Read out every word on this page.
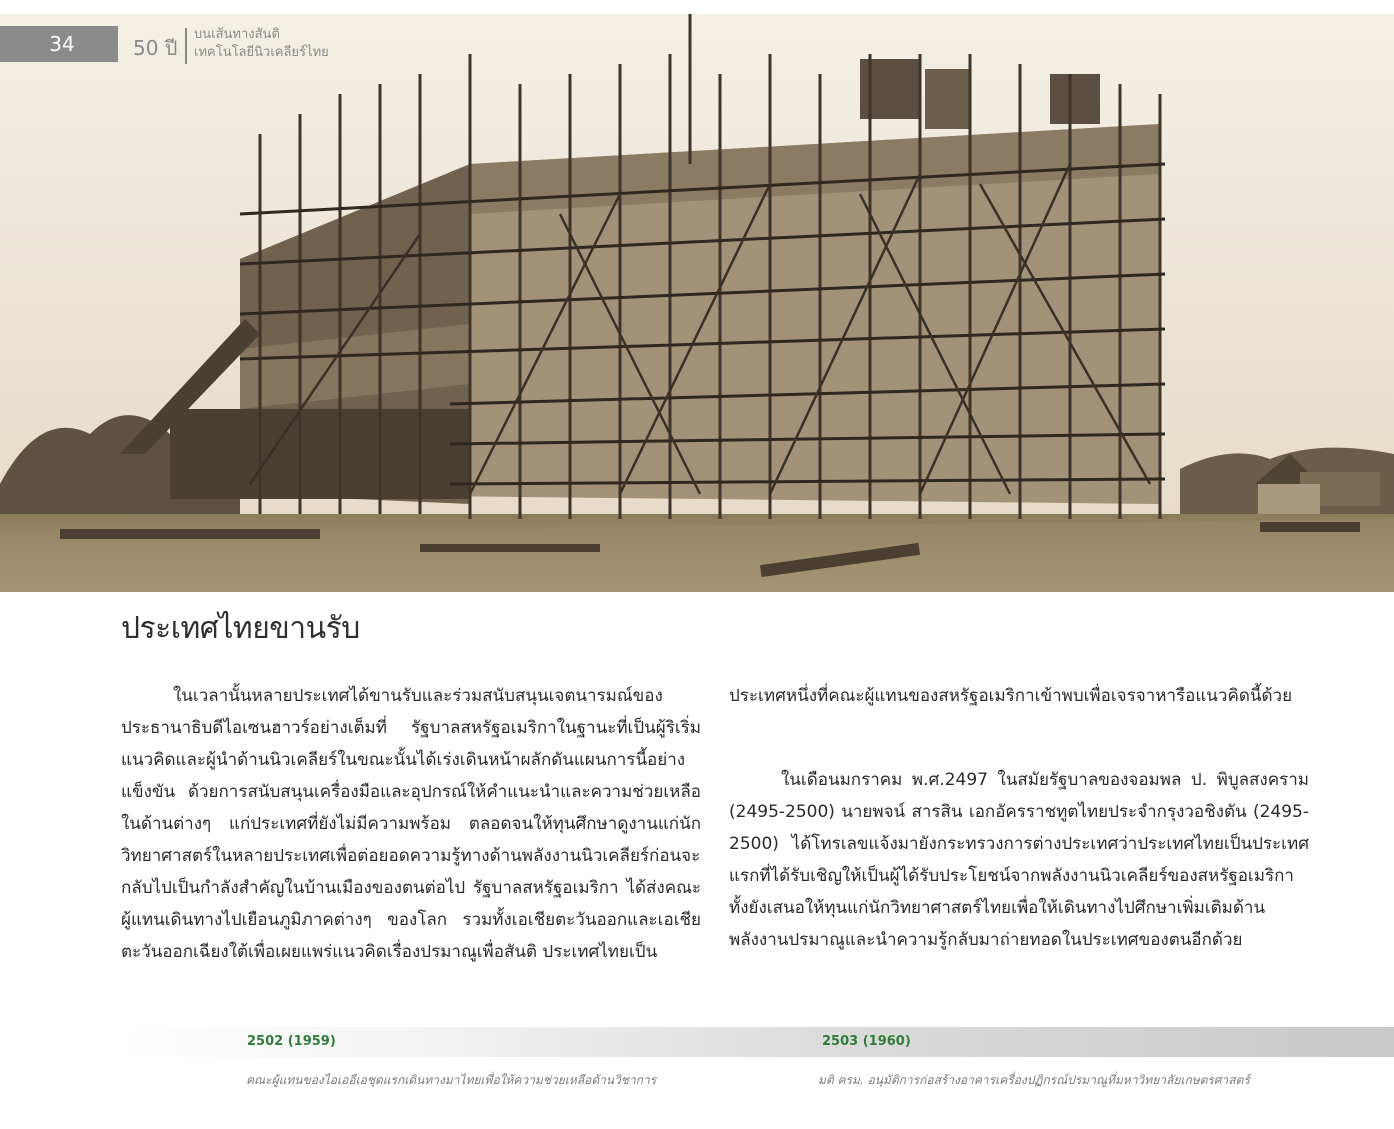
34	50 ปี
บนเส้นทางสันติ
เทคโนโลยีนิวเคลียร์ไทย
ประเทศไทยขานรับ

ในเวลานั้นหลายประเทศได้ขานรับและร่วมสนับสนุนเจตนารมณ์ของประธานาธิบดีไอเซนฮาวร์อย่างเต็มที่ รัฐบาลสหรัฐอเมริกาในฐานะที่เป็นผู้ริเริ่มแนวคิดและผู้นำด้านนิวเคลียร์ในขณะนั้นได้เร่งเดินหน้าผลักดันแผนการนี้อย่างแข็งขัน ด้วยการสนับสนุนเครื่องมือและอุปกรณ์ให้คำแนะนำและความช่วยเหลือในด้านต่างๆ แก่ประเทศที่ยังไม่มีความพร้อม ตลอดจนให้ทุนศึกษาดูงานแก่นักวิทยาศาสตร์ในหลายประเทศเพื่อต่อยอดความรู้ทางด้านพลังงานนิวเคลียร์ก่อนจะกลับไปเป็นกำลังสำคัญในบ้านเมืองของตนต่อไป รัฐบาลสหรัฐอเมริกา ได้ส่งคณะผู้แทนเดินทางไปเยือนภูมิภาคต่างๆ ของโลก รวมทั้งเอเชียตะวันออกและเอเชียตะวันออกเฉียงใต้เพื่อเผยแพร่แนวคิดเรื่องปรมาณูเพื่อสันติ ประเทศไทยเป็น

ประเทศหนึ่งที่คณะผู้แทนของสหรัฐอเมริกาเข้าพบเพื่อเจรจาหารือแนวคิดนี้ด้วย

ในเดือนมกราคม พ.ศ.2497 ในสมัยรัฐบาลของจอมพล ป. พิบูลสงคราม (2495-2500) นายพจน์ สารสิน เอกอัครราชทูตไทยประจำกรุงวอชิงตัน (2495-2500) ได้โทรเลขแจ้งมายังกระทรวงการต่างประเทศว่าประเทศไทยเป็นประเทศแรกที่ได้รับเชิญให้เป็นผู้ได้รับประโยชน์จากพลังงานนิวเคลียร์ของสหรัฐอเมริกา ทั้งยังเสนอให้ทุนแก่นักวิทยาศาสตร์ไทยเพื่อให้เดินทางไปศึกษาเพิ่มเติมด้านพลังงานปรมาณูและนำความรู้กลับมาถ่ายทอดในประเทศของตนอีกด้วย

2502 (1959)	2503 (1960)
คณะผู้แทนของไอเออีเอชุดแรกเดินทางมาไทยเพื่อให้ความช่วยเหลือด้านวิชาการ	มติ ครม. อนุมัติการก่อสร้างอาคารเครื่องปฏิกรณ์ปรมาณูที่มหาวิทยาลัยเกษตรศาสตร์
